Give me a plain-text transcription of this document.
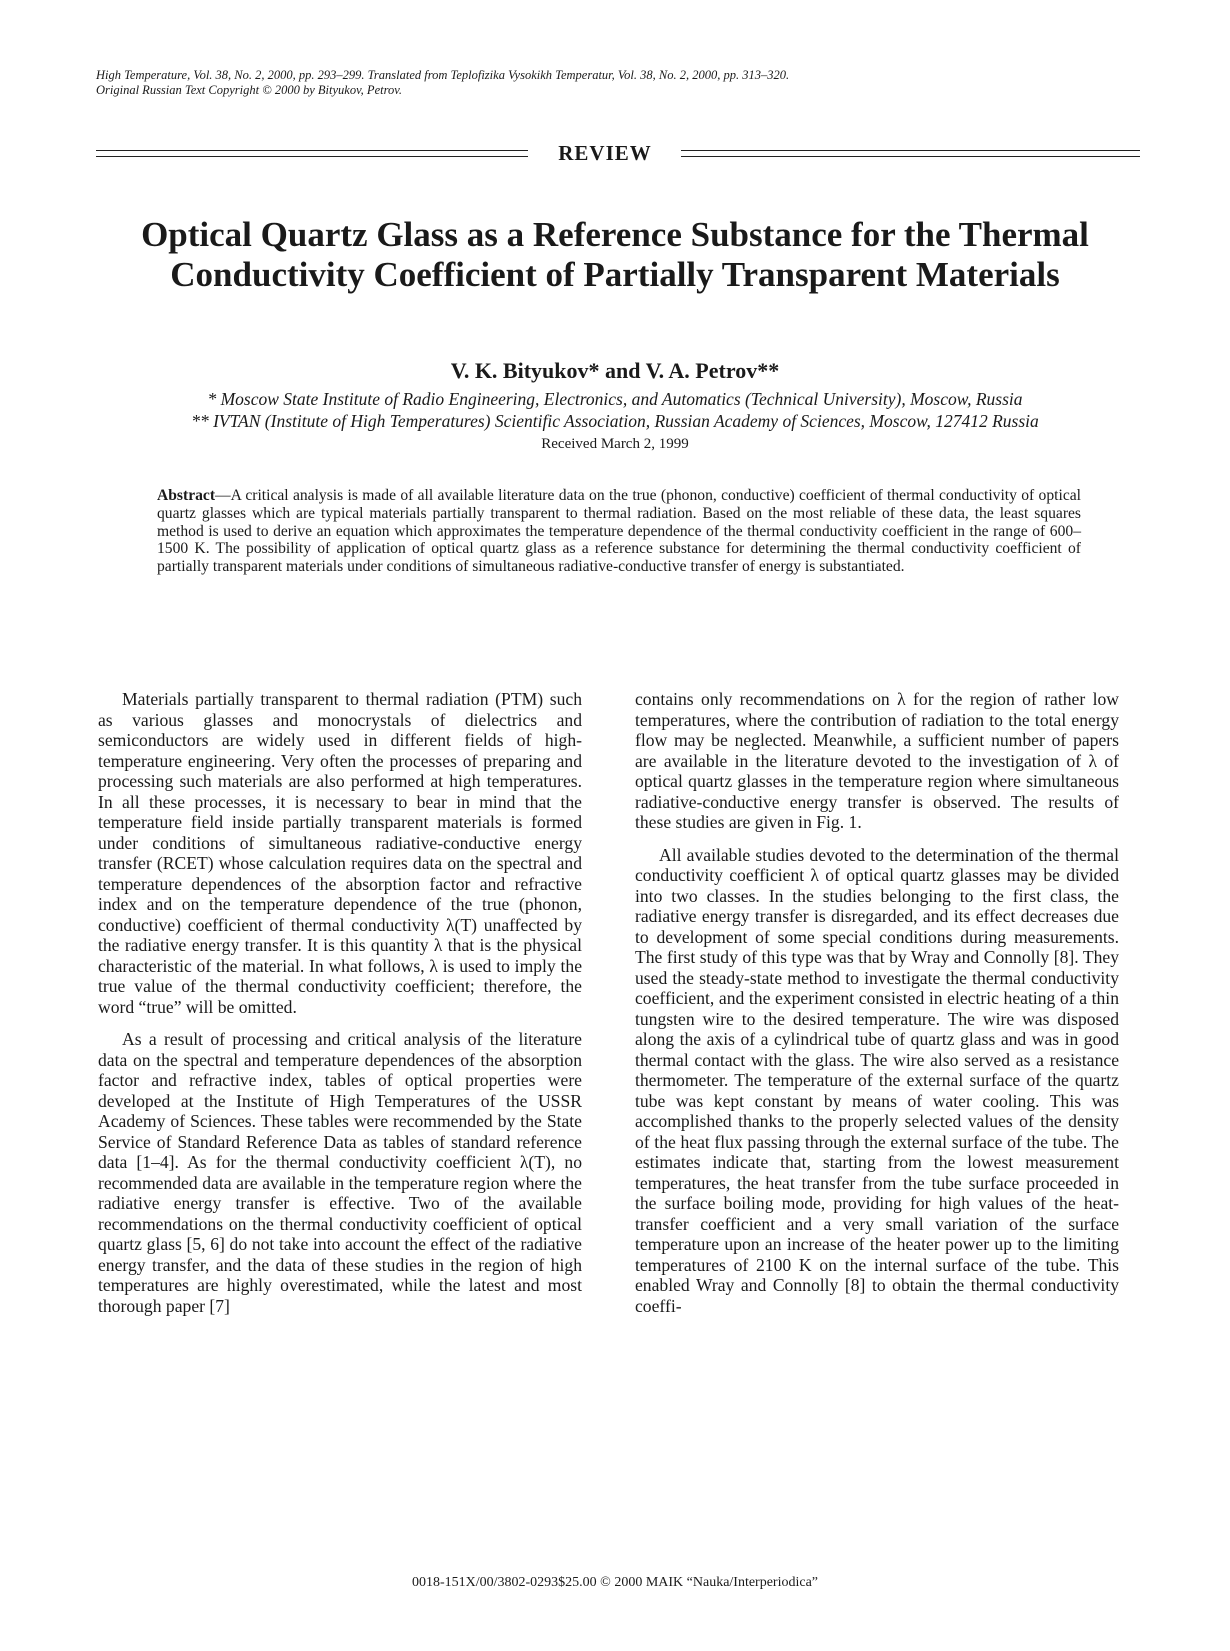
High Temperature, Vol. 38, No. 2, 2000, pp. 293–299. Translated from Teplofizika Vysokikh Temperatur, Vol. 38, No. 2, 2000, pp. 313–320.
Original Russian Text Copyright © 2000 by Bityukov, Petrov.
REVIEW
Optical Quartz Glass as a Reference Substance for the Thermal Conductivity Coefficient of Partially Transparent Materials
V. K. Bityukov* and V. A. Petrov**
* Moscow State Institute of Radio Engineering, Electronics, and Automatics (Technical University), Moscow, Russia
** IVTAN (Institute of High Temperatures) Scientific Association, Russian Academy of Sciences, Moscow, 127412 Russia
Received March 2, 1999
Abstract—A critical analysis is made of all available literature data on the true (phonon, conductive) coefficient of thermal conductivity of optical quartz glasses which are typical materials partially transparent to thermal radiation. Based on the most reliable of these data, the least squares method is used to derive an equation which approximates the temperature dependence of the thermal conductivity coefficient in the range of 600–1500 K. The possibility of application of optical quartz glass as a reference substance for determining the thermal conductivity coefficient of partially transparent materials under conditions of simultaneous radiative-conductive transfer of energy is substantiated.

Materials partially transparent to thermal radiation (PTM) such as various glasses and monocrystals of dielectrics and semiconductors are widely used in different fields of high-temperature engineering. Very often the processes of preparing and processing such materials are also performed at high temperatures. In all these processes, it is necessary to bear in mind that the temperature field inside partially transparent materials is formed under conditions of simultaneous radiative-conductive energy transfer (RCET) whose calculation requires data on the spectral and temperature dependences of the absorption factor and refractive index and on the temperature dependence of the true (phonon, conductive) coefficient of thermal conductivity λ(T) unaffected by the radiative energy transfer. It is this quantity λ that is the physical characteristic of the material. In what follows, λ is used to imply the true value of the thermal conductivity coefficient; therefore, the word “true” will be omitted.

As a result of processing and critical analysis of the literature data on the spectral and temperature dependences of the absorption factor and refractive index, tables of optical properties were developed at the Institute of High Temperatures of the USSR Academy of Sciences. These tables were recommended by the State Service of Standard Reference Data as tables of standard reference data [1–4]. As for the thermal conductivity coefficient λ(T), no recommended data are available in the temperature region where the radiative energy transfer is effective. Two of the available recommendations on the thermal conductivity coefficient of optical quartz glass [5, 6] do not take into account the effect of the radiative energy transfer, and the data of these studies in the region of high temperatures are highly overestimated, while the latest and most thorough paper [7]

contains only recommendations on λ for the region of rather low temperatures, where the contribution of radiation to the total energy flow may be neglected. Meanwhile, a sufficient number of papers are available in the literature devoted to the investigation of λ of optical quartz glasses in the temperature region where simultaneous radiative-conductive energy transfer is observed. The results of these studies are given in Fig. 1.

All available studies devoted to the determination of the thermal conductivity coefficient λ of optical quartz glasses may be divided into two classes. In the studies belonging to the first class, the radiative energy transfer is disregarded, and its effect decreases due to development of some special conditions during measurements. The first study of this type was that by Wray and Connolly [8]. They used the steady-state method to investigate the thermal conductivity coefficient, and the experiment consisted in electric heating of a thin tungsten wire to the desired temperature. The wire was disposed along the axis of a cylindrical tube of quartz glass and was in good thermal contact with the glass. The wire also served as a resistance thermometer. The temperature of the external surface of the quartz tube was kept constant by means of water cooling. This was accomplished thanks to the properly selected values of the density of the heat flux passing through the external surface of the tube. The estimates indicate that, starting from the lowest measurement temperatures, the heat transfer from the tube surface proceeded in the surface boiling mode, providing for high values of the heat-transfer coefficient and a very small variation of the surface temperature upon an increase of the heater power up to the limiting temperatures of 2100 K on the internal surface of the tube. This enabled Wray and Connolly [8] to obtain the thermal conductivity coeffi-

0018-151X/00/3802-0293$25.00 © 2000 MAIK “Nauka/Interperiodica”
